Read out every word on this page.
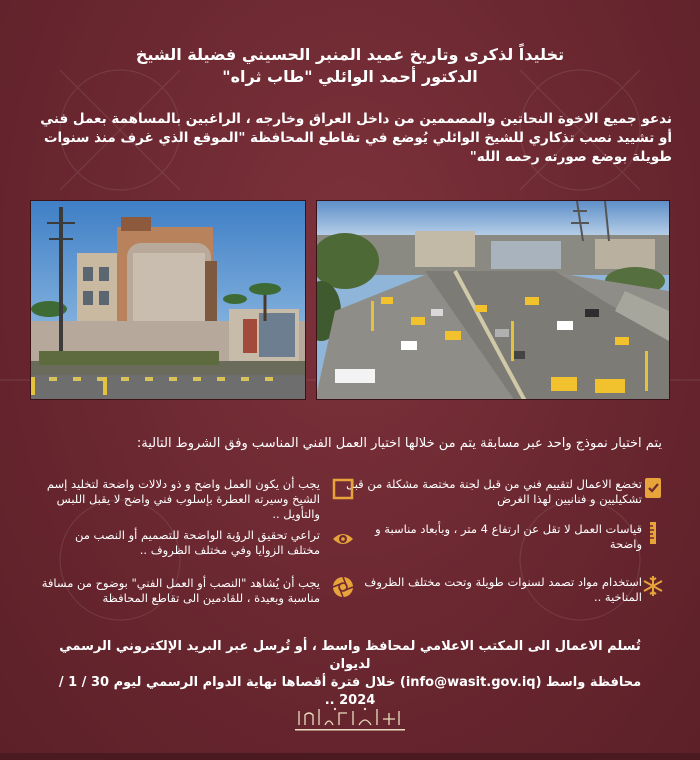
تخليداً لذكرى وتاريخ عميد المنبر الحسيني فضيلة الشيخ
الدكتور أحمد الوائلي "طاب ثراه"
ندعو جميع الاخوة النحاتين والمصممين من داخل العراق وخارجه ، الراغبين بالمساهمة بعمل فني أو تشييد نصب تذكاري للشيخ الوائلي يُوضع في تقاطع المحافظة "الموقع الذي غرف منذ سنوات طويلة بوضع صورته رحمه الله"
يتم اختيار نموذج واحد عبر مسابقة يتم من خلالها اختيار العمل الفني المناسب وفق الشروط التالية:
تخضع الاعمال لتقييم فني من قبل لجنة مختصة مشكلة من قبل تشكيليين و فنانيين لهذا الغرض
قياسات العمل لا تقل عن ارتفاع 4 متر ، وبأبعاد مناسبة و واضحة
استخدام مواد تصمد لسنوات طويلة وتحت مختلف الظروف المناخية ..
يجب أن يكون العمل واضح و ذو دلالات واضحة لتخليد إسم الشيخ وسيرته العطرة بإسلوب فني واضح لا يقبل اللبس والتأويل ..
تراعي تحقيق الرؤية الواضحة للتصميم أو النصب من مختلف الزوايا وفي مختلف الظروف ..
يجب أن يُشاهد "النصب أو العمل الفني" بوضوح من مسافة مناسبة وبعيدة ، للقادمين الى تقاطع المحافظة
تُسلم الاعمال الى المكتب الاعلامي لمحافظ واسط ، أو تُرسل عبر البريد الإلكتروني الرسمي لديوان
محافظة واسط (info@wasit.gov.iq) خلال فترة أقصاها نهاية الدوام الرسمي ليوم 30 / 1 / 2024 ..
